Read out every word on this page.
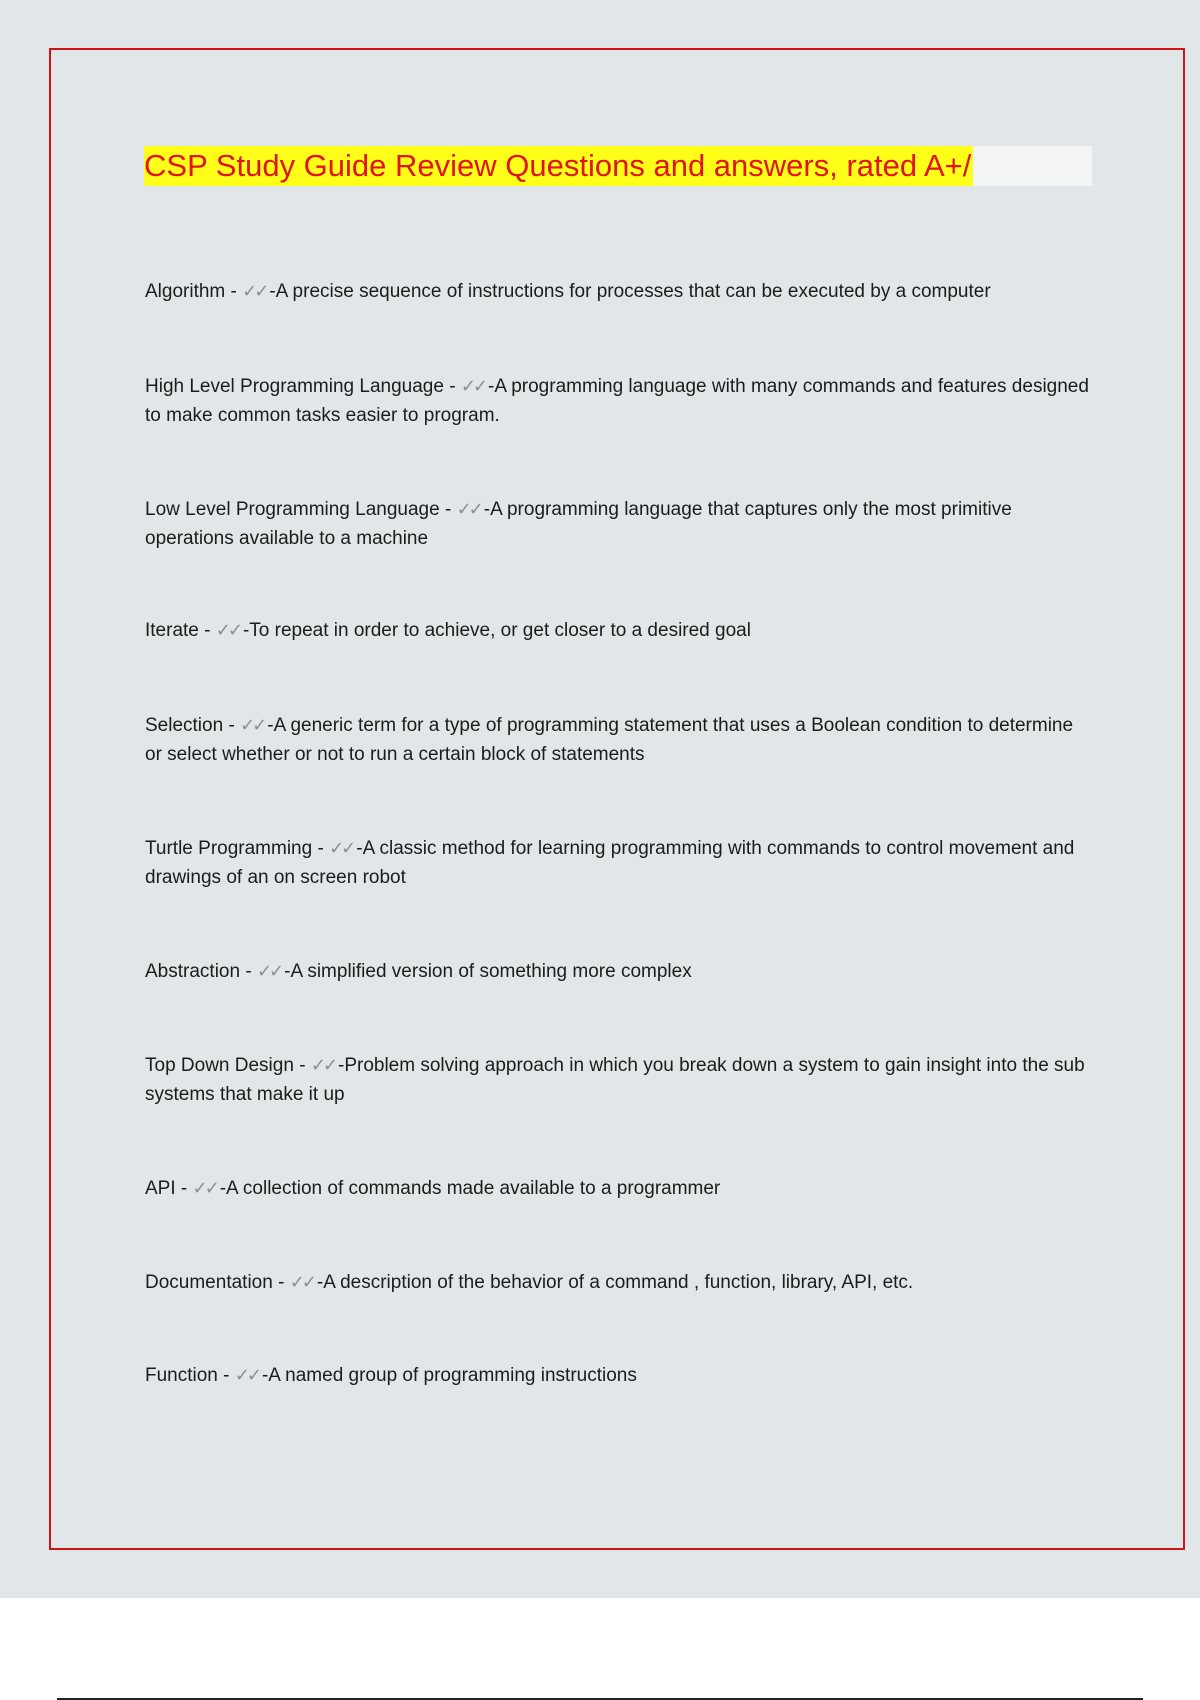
CSP Study Guide Review Questions and answers, rated A+/
Algorithm - ✓✓ -A precise sequence of instructions for processes that can be executed by a computer
High Level Programming Language - ✓✓ -A programming language with many commands and features designed to make common tasks easier to program.
Low Level Programming Language - ✓✓ -A programming language that captures only the most primitive operations available to a machine
Iterate - ✓✓ -To repeat in order to achieve, or get closer to a desired goal
Selection - ✓✓ -A generic term for a type of programming statement that uses a Boolean condition to determine or select whether or not to run a certain block of statements
Turtle Programming - ✓✓ -A classic method for learning programming with commands to control movement and drawings of an on screen robot
Abstraction - ✓✓ -A simplified version of something more complex
Top Down Design - ✓✓ -Problem solving approach in which you break down a system to gain insight into the sub systems that make it up
API - ✓✓ -A collection of commands made available to a programmer
Documentation - ✓✓ -A description of the behavior of a command , function, library, API, etc.
Function - ✓✓ -A named group of programming instructions
